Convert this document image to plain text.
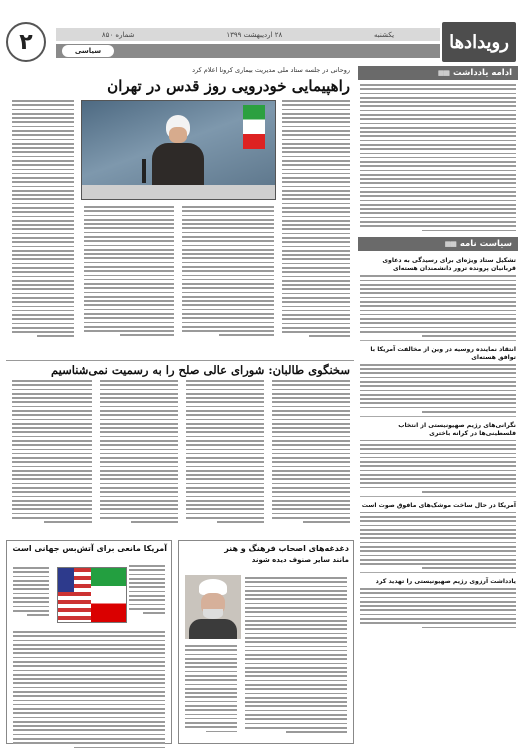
رویدادها
یکشنبه
۲۸ اردیبهشت ۱۳۹۹
شماره ۸۵۰
سیاسی
۲
ادامه یادداشت
▦▦
سیاست نامه
▦▦
تشکیل ستاد ویژه‌ای برای رسیدگی به دعاوی قربانیان پرونده ترور دانشمندان هسته‌ای
انتقاد نماینده روسیه در وین از مخالفت آمریکا با توافق هسته‌ای
نگرانی‌های رژیم صهیونیستی از انتخاب فلسطینی‌ها در کرانه باختری
آمریکا در حال ساخت موشک‌های مافوق صوت است
یادداشت آرزوی رژیم صهیونیستی را تهدید کرد
روحانی در جلسه ستاد ملی مدیریت بیماری کرونا اعلام کرد
راهپیمایی خودرویی روز قدس در تهران
سخنگوی طالبان: شورای عالی صلح را به رسمیت نمی‌شناسیم
دغدغه‌های اصحاب فرهنگ و هنر
مانند سایر صنوف دیده شوند
آمریکا مانعی برای آتش‌بس جهانی است
